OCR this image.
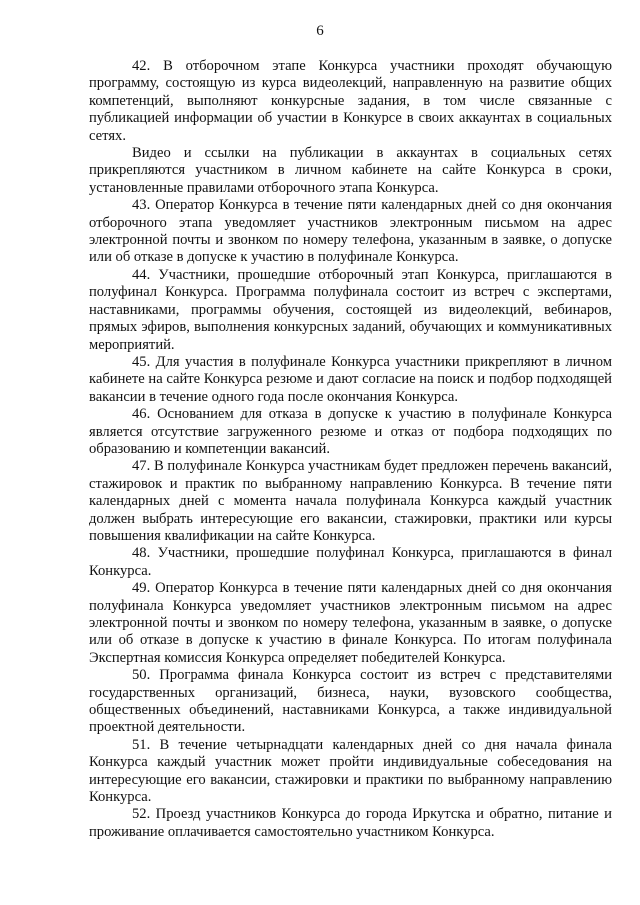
6

42. В отборочном этапе Конкурса участники проходят обучающую программу, состоящую из курса видеолекций, направленную на развитие общих компетенций, выполняют конкурсные задания, в том числе связанные с публикацией информации об участии в Конкурсе в своих аккаунтах в социальных сетях.

Видео и ссылки на публикации в аккаунтах в социальных сетях прикрепляются участником в личном кабинете на сайте Конкурса в сроки, установленные правилами отборочного этапа Конкурса.

43. Оператор Конкурса в течение пяти календарных дней со дня окончания отборочного этапа уведомляет участников электронным письмом на адрес электронной почты и звонком по номеру телефона, указанным в заявке, о допуске или об отказе в допуске к участию в полуфинале Конкурса.

44. Участники, прошедшие отборочный этап Конкурса, приглашаются в полуфинал Конкурса. Программа полуфинала состоит из встреч с экспертами, наставниками, программы обучения, состоящей из видеолекций, вебинаров, прямых эфиров, выполнения конкурсных заданий, обучающих и коммуникативных мероприятий.

45. Для участия в полуфинале Конкурса участники прикрепляют в личном кабинете на сайте Конкурса резюме и дают согласие на поиск и подбор подходящей вакансии в течение одного года после окончания Конкурса.

46. Основанием для отказа в допуске к участию в полуфинале Конкурса является отсутствие загруженного резюме и отказ от подбора подходящих по образованию и компетенции вакансий.

47. В полуфинале Конкурса участникам будет предложен перечень вакансий, стажировок и практик по выбранному направлению Конкурса. В течение пяти календарных дней с момента начала полуфинала Конкурса каждый участник должен выбрать интересующие его вакансии, стажировки, практики или курсы повышения квалификации на сайте Конкурса.

48. Участники, прошедшие полуфинал Конкурса, приглашаются в финал Конкурса.

49. Оператор Конкурса в течение пяти календарных дней со дня окончания полуфинала Конкурса уведомляет участников электронным письмом на адрес электронной почты и звонком по номеру телефона, указанным в заявке, о допуске или об отказе в допуске к участию в финале Конкурса. По итогам полуфинала Экспертная комиссия Конкурса определяет победителей Конкурса.

50. Программа финала Конкурса состоит из встреч с представителями государственных организаций, бизнеса, науки, вузовского сообщества, общественных объединений, наставниками Конкурса, а также индивидуальной проектной деятельности.

51. В течение четырнадцати календарных дней со дня начала финала Конкурса каждый участник может пройти индивидуальные собеседования на интересующие его вакансии, стажировки и практики по выбранному направлению Конкурса.

52. Проезд участников Конкурса до города Иркутска и обратно, питание и проживание оплачивается самостоятельно участником Конкурса.
